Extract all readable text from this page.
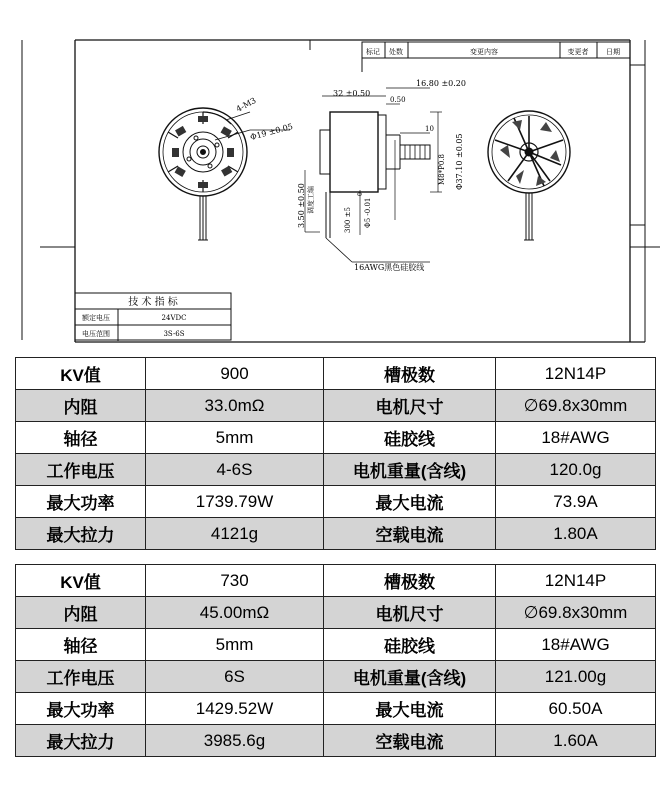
标记 处数	变更内容	变更者	日期
4-M3
Φ19 ±0.05
32 ±0.50
16.80 ±0.20
0.50
10
Φ37.10 ±0.05
M8*P0.8
3.50 ±0.50 调度工编
300 ±5 Φ5 -0.01
0
16AWG黑色硅胶线
技 术 指 标
额定电压	24VDC
电压范围	3S-6S
KV值	900	槽极数	12N14P
内阻	33.0mΩ	电机尺寸	∅69.8x30mm
轴径	5mm	硅胶线	18#AWG
工作电压	4-6S	电机重量(含线)	120.0g
最大功率	1739.79W	最大电流	73.9A
最大拉力	4121g	空载电流	1.80A
KV值	730	槽极数	12N14P
内阻	45.00mΩ	电机尺寸	∅69.8x30mm
轴径	5mm	硅胶线	18#AWG
工作电压	6S	电机重量(含线)	121.00g
最大功率	1429.52W	最大电流	60.50A
最大拉力	3985.6g	空载电流	1.60A
